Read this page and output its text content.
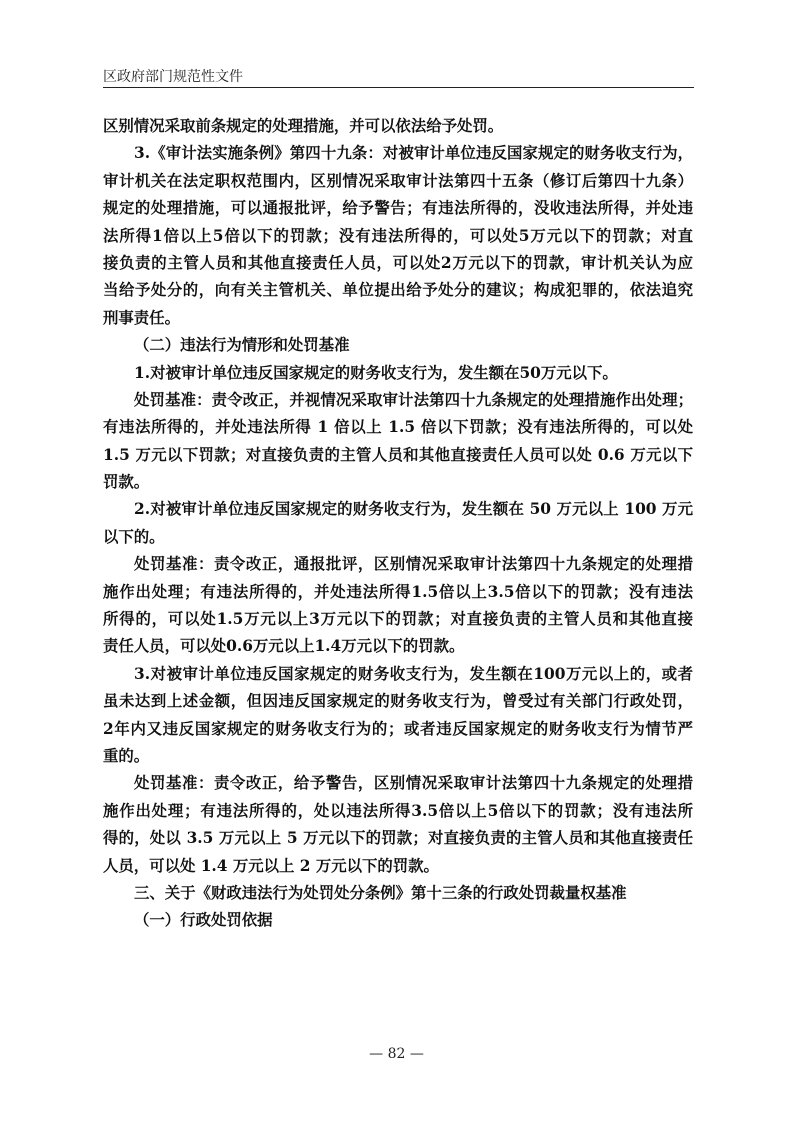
区政府部门规范性文件
区别情况采取前条规定的处理措施，并可以依法给予处罚。
3.《审计法实施条例》第四十九条：对被审计单位违反国家规定的财务收支行为，
审计机关在法定职权范围内，区别情况采取审计法第四十五条（修订后第四十九条）
规定的处理措施，可以通报批评，给予警告；有违法所得的，没收违法所得，并处违
法所得1倍以上5倍以下的罚款；没有违法所得的，可以处5万元以下的罚款；对直
接负责的主管人员和其他直接责任人员，可以处2万元以下的罚款，审计机关认为应
当给予处分的，向有关主管机关、单位提出给予处分的建议；构成犯罪的，依法追究
刑事责任。
（二）违法行为情形和处罚基准
1.对被审计单位违反国家规定的财务收支行为，发生额在50万元以下。
处罚基准：责令改正，并视情况采取审计法第四十九条规定的处理措施作出处理；
有违法所得的，并处违法所得 1 倍以上 1.5 倍以下罚款；没有违法所得的，可以处
1.5 万元以下罚款；对直接负责的主管人员和其他直接责任人员可以处 0.6 万元以下
罚款。
2.对被审计单位违反国家规定的财务收支行为，发生额在 50 万元以上 100 万元
以下的。
处罚基准：责令改正，通报批评，区别情况采取审计法第四十九条规定的处理措
施作出处理；有违法所得的，并处违法所得1.5倍以上3.5倍以下的罚款；没有违法
所得的，可以处1.5万元以上3万元以下的罚款；对直接负责的主管人员和其他直接
责任人员，可以处0.6万元以上1.4万元以下的罚款。
3.对被审计单位违反国家规定的财务收支行为，发生额在100万元以上的，或者
虽未达到上述金额，但因违反国家规定的财务收支行为，曾受过有关部门行政处罚，
2年内又违反国家规定的财务收支行为的；或者违反国家规定的财务收支行为情节严
重的。
处罚基准：责令改正，给予警告，区别情况采取审计法第四十九条规定的处理措
施作出处理；有违法所得的，处以违法所得3.5倍以上5倍以下的罚款；没有违法所
得的，处以 3.5 万元以上 5 万元以下的罚款；对直接负责的主管人员和其他直接责任
人员，可以处 1.4 万元以上 2 万元以下的罚款。
三、关于《财政违法行为处罚处分条例》第十三条的行政处罚裁量权基准
（一）行政处罚依据
— 82 —
